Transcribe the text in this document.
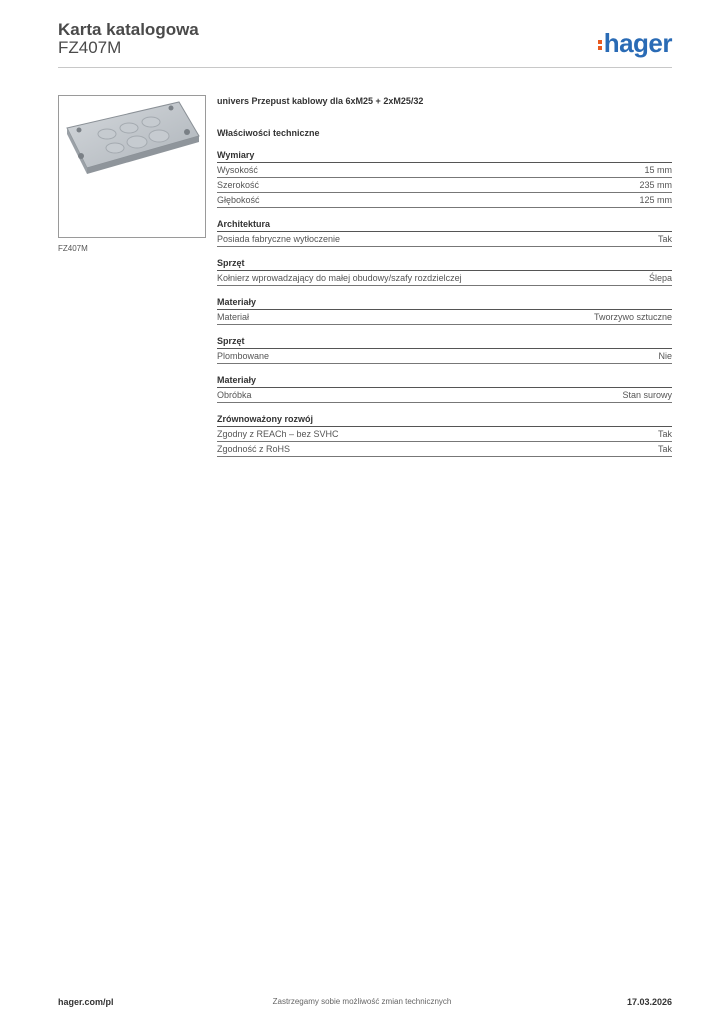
Karta katalogowa
FZ407M	hager
FZ407M
univers Przepust kablowy dla 6xM25 + 2xM25/32
Właściwości techniczne
Wymiary
Wysokość	15 mm
Szerokość	235 mm
Głębokość	125 mm
Architektura
Posiada fabryczne wytłoczenie	Tak
Sprzęt
Kołnierz wprowadzający do małej obudowy/szafy rozdzielczej	Ślepa
Materiały
Materiał	Tworzywo sztuczne
Sprzęt
Plombowane	Nie
Materiały
Obróbka	Stan surowy
Zrównoważony rozwój
Zgodny z REACh – bez SVHC	Tak
Zgodność z RoHS	Tak
hager.com/pl	Zastrzegamy sobie możliwość zmian technicznych	17.03.2026
